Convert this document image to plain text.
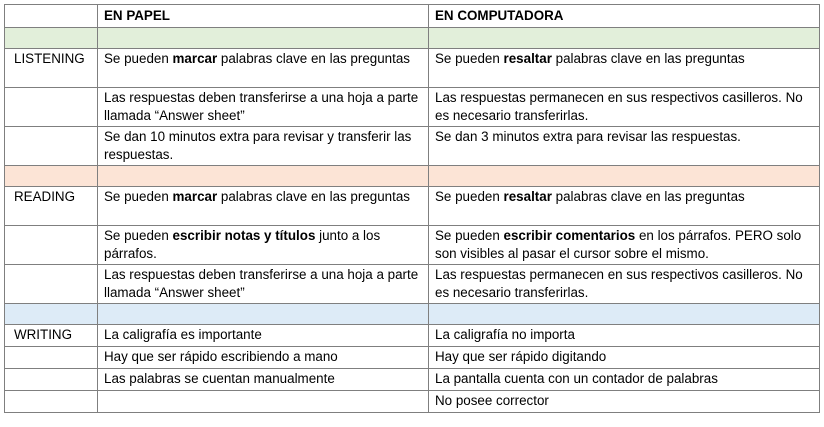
	EN PAPEL	EN COMPUTADORA

LISTENING	Se pueden marcar palabras clave en las preguntas	Se pueden resaltar palabras clave en las preguntas
	Las respuestas deben transferirse a una hoja a parte llamada “Answer sheet”	Las respuestas permanecen en sus respectivos casilleros. No es necesario transferirlas.
	Se dan 10 minutos extra para revisar y transferir las respuestas.	Se dan 3 minutos extra para revisar las respuestas.

READING	Se pueden marcar palabras clave en las preguntas	Se pueden resaltar palabras clave en las preguntas
	Se pueden escribir notas y títulos junto a los párrafos.	Se pueden escribir comentarios en los párrafos. PERO solo son visibles al pasar el cursor sobre el mismo.
	Las respuestas deben transferirse a una hoja a parte llamada “Answer sheet”	Las respuestas permanecen en sus respectivos casilleros. No es necesario transferirlas.

WRITING	La caligrafía es importante	La caligrafía no importa
	Hay que ser rápido escribiendo a mano	Hay que ser rápido digitando
	Las palabras se cuentan manualmente	La pantalla cuenta con un contador de palabras
		No posee corrector
